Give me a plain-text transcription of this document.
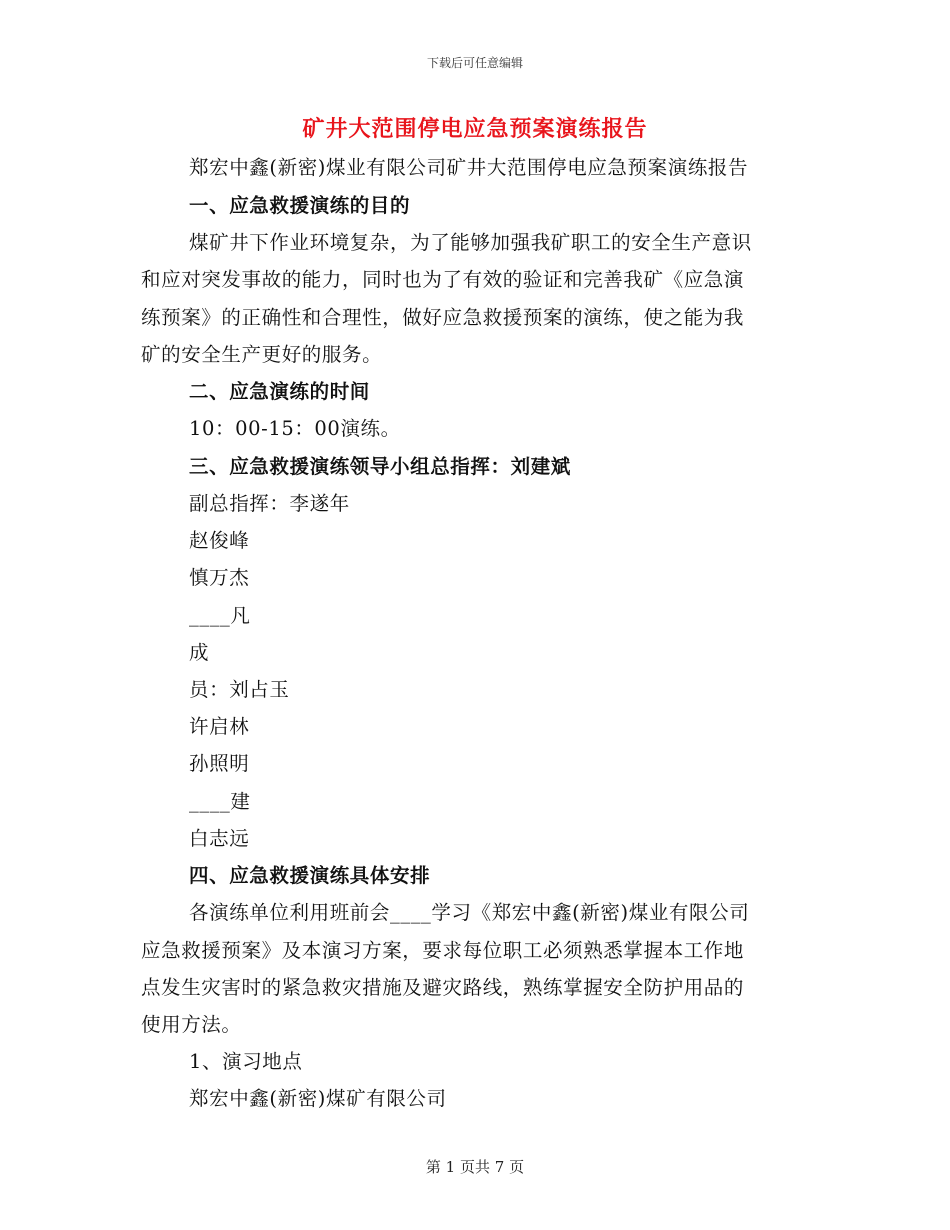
下载后可任意编辑
矿井大范围停电应急预案演练报告
郑宏中鑫(新密)煤业有限公司矿井大范围停电应急预案演练报告
一、应急救援演练的目的
煤矿井下作业环境复杂，为了能够加强我矿职工的安全生产意识
和应对突发事故的能力，同时也为了有效的验证和完善我矿《应急演
练预案》的正确性和合理性，做好应急救援预案的演练，使之能为我
矿的安全生产更好的服务。
二、应急演练的时间
10：00-15：00演练。
三、应急救援演练领导小组总指挥：刘建斌
副总指挥：李遂年
赵俊峰
慎万杰
____凡
成
员：刘占玉
许启林
孙照明
____建
白志远
四、应急救援演练具体安排
各演练单位利用班前会____学习《郑宏中鑫(新密)煤业有限公司
应急救援预案》及本演习方案，要求每位职工必须熟悉掌握本工作地
点发生灾害时的紧急救灾措施及避灾路线，熟练掌握安全防护用品的
使用方法。
1、演习地点
郑宏中鑫(新密)煤矿有限公司
第 1 页共 7 页
